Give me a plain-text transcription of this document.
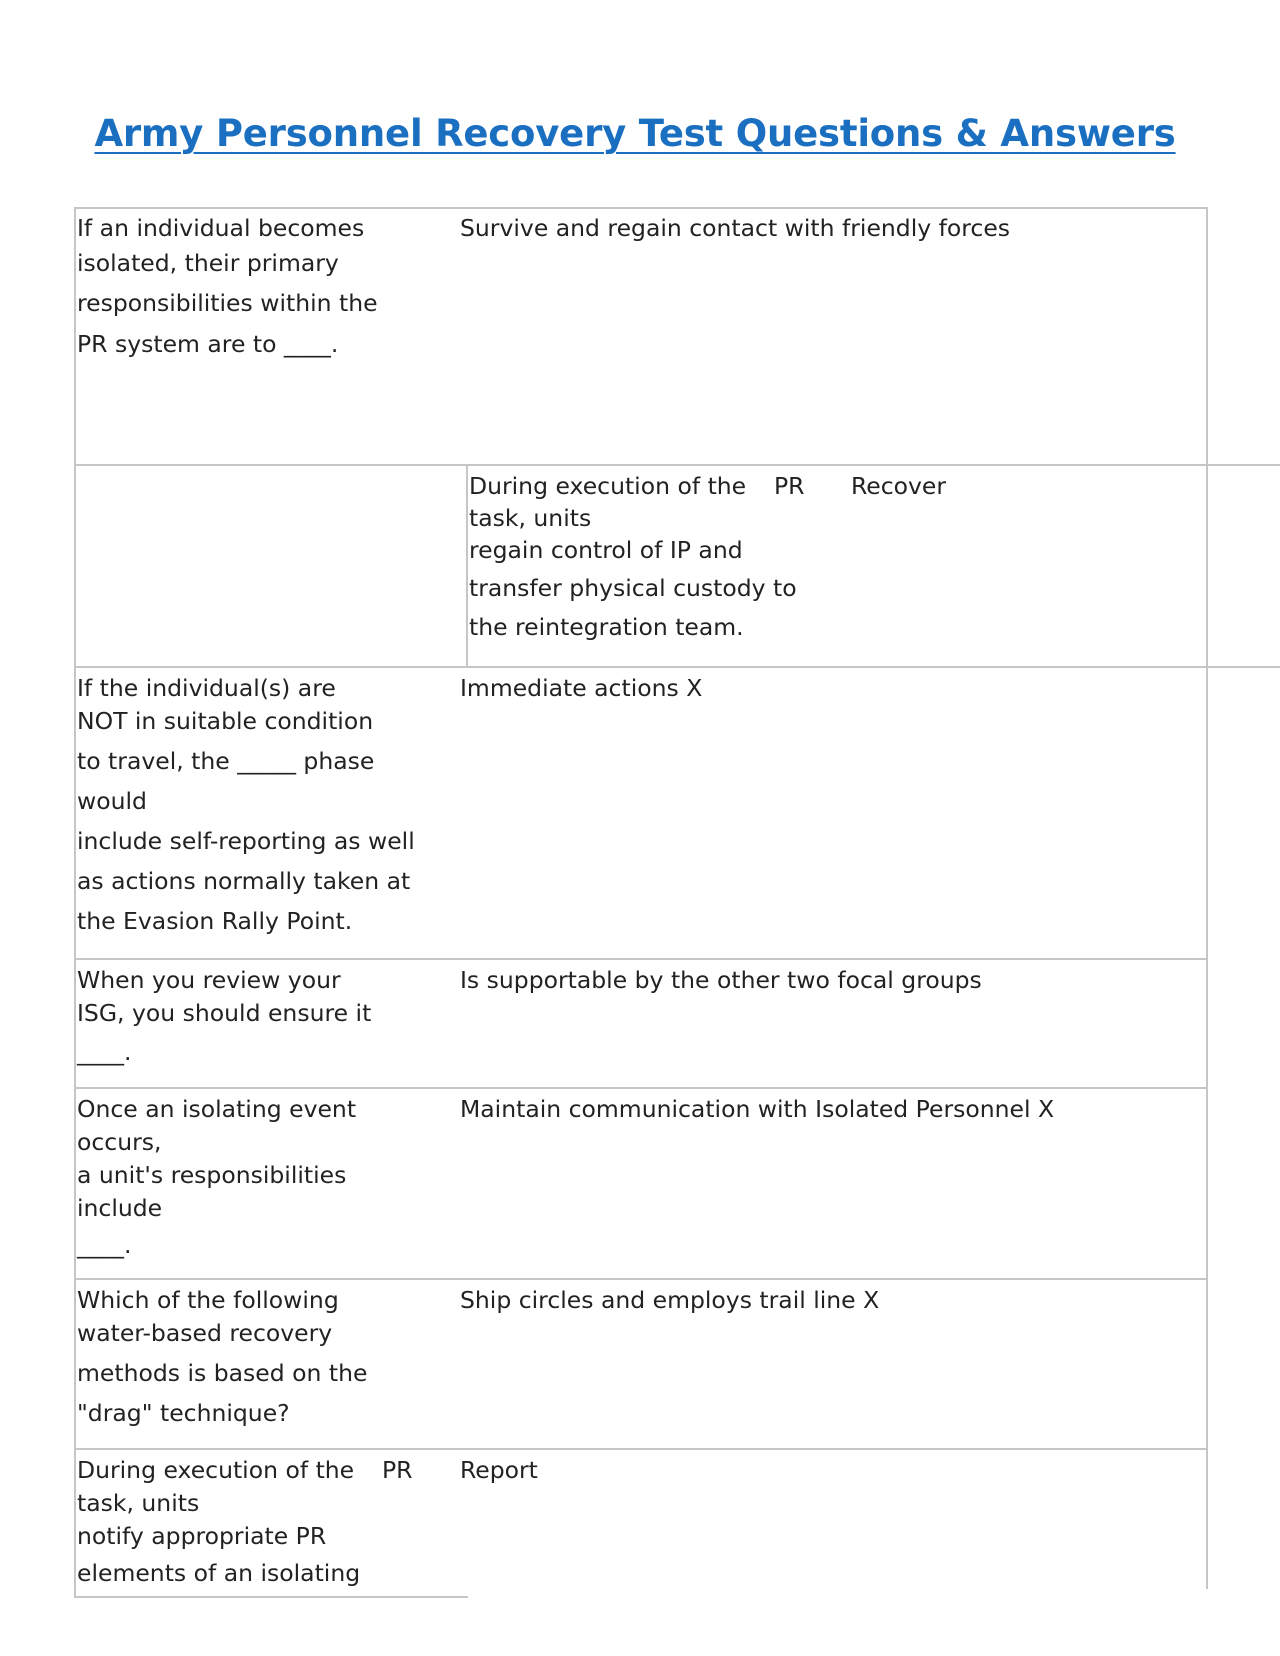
Army Personnel Recovery Test Questions & Answers
If an individual becomes
isolated, their primary
responsibilities within the
PR system are to ____.
Survive and regain contact with friendly forces
During execution of the
task, units
regain control of IP and
transfer physical custody to
the reintegration team.
PR Recover
If the individual(s) are
NOT in suitable condition
to travel, the _____ phase
would
include self-reporting as well
as actions normally taken at
the Evasion Rally Point.
Immediate actions X
When you review your
ISG, you should ensure it
____.
Is supportable by the other two focal groups
Once an isolating event
occurs,
a unit's responsibilities
include
____.
Maintain communication with Isolated Personnel X
Which of the following
water-based recovery
methods is based on the
"drag" technique?
Ship circles and employs trail line X
During execution of the
task, units
notify appropriate PR
elements of an isolating
PR Report
